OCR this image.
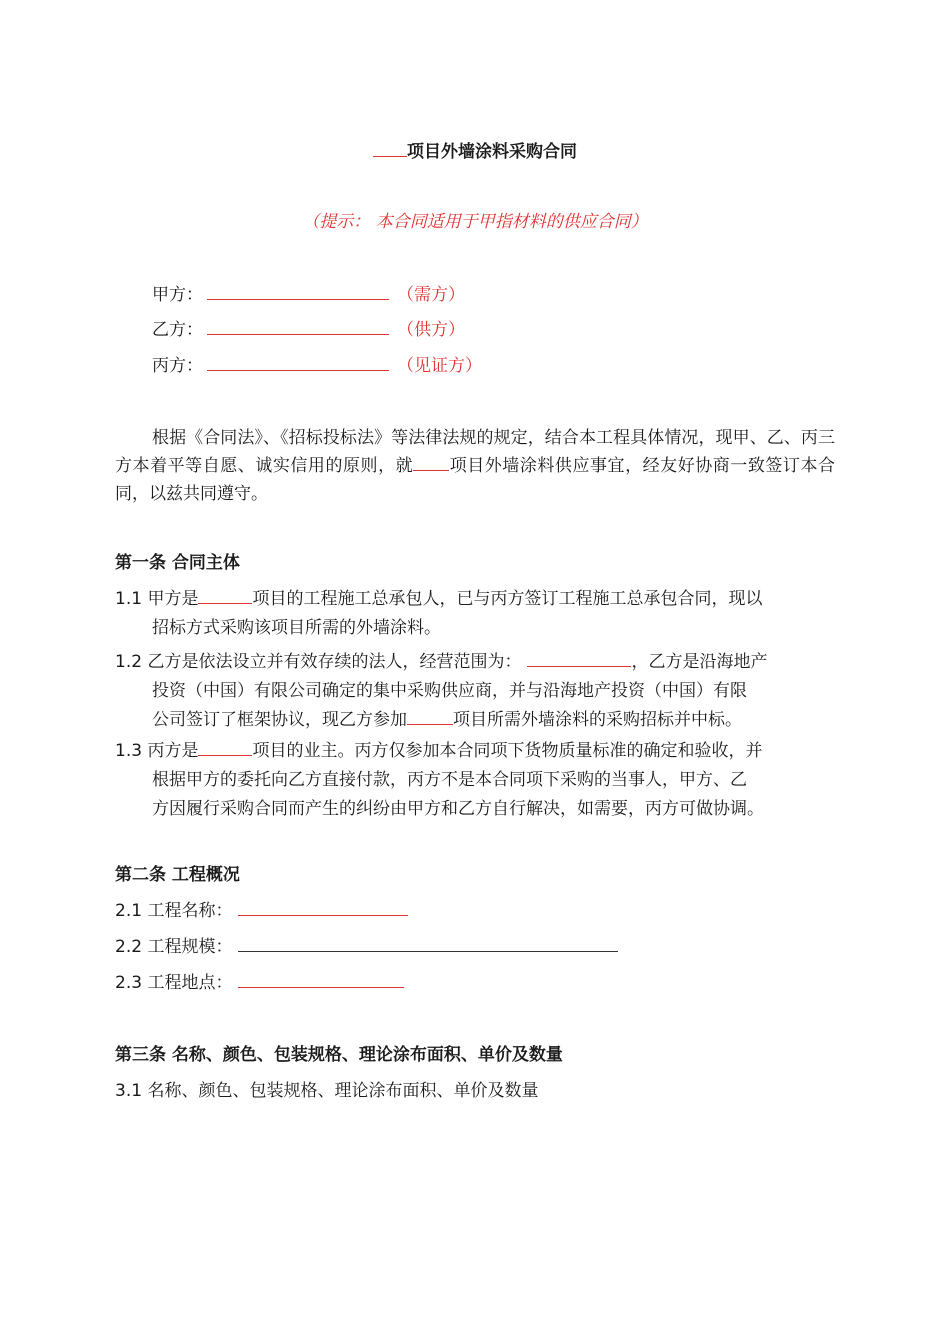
项目外墙涂料采购合同
（提示： 本合同适用于甲指材料的供应合同）
甲方：	（需方）
乙方：	（供方）
丙方：	（见证方）
根据《合同法》、《招标投标法》等法律法规的规定，结合本工程具体情况，现甲、乙、丙三方本着平等自愿、诚实信用的原则，就 项目外墙涂料供应事宜，经友好协商一致签订本合同，以兹共同遵守。
第一条 合同主体
1.1 甲方是	项目的工程施工总承包人，已与丙方签订工程施工总承包合同，现以
招标方式采购该项目所需的外墙涂料。
1.2 乙方是依法设立并有效存续的法人，经营范围为：	，乙方是沿海地产
投资（中国）有限公司确定的集中采购供应商，并与沿海地产投资（中国）有限
公司签订了框架协议，现乙方参加	项目所需外墙涂料的采购招标并中标。
1.3 丙方是	项目的业主。丙方仅参加本合同项下货物质量标准的确定和验收，并
根据甲方的委托向乙方直接付款，丙方不是本合同项下采购的当事人，甲方、乙
方因履行采购合同而产生的纠纷由甲方和乙方自行解决，如需要，丙方可做协调。
第二条 工程概况
2.1 工程名称：
2.2 工程规模：
2.3 工程地点：
第三条 名称、颜色、包装规格、理论涂布面积、单价及数量
3.1 名称、颜色、包装规格、理论涂布面积、单价及数量
